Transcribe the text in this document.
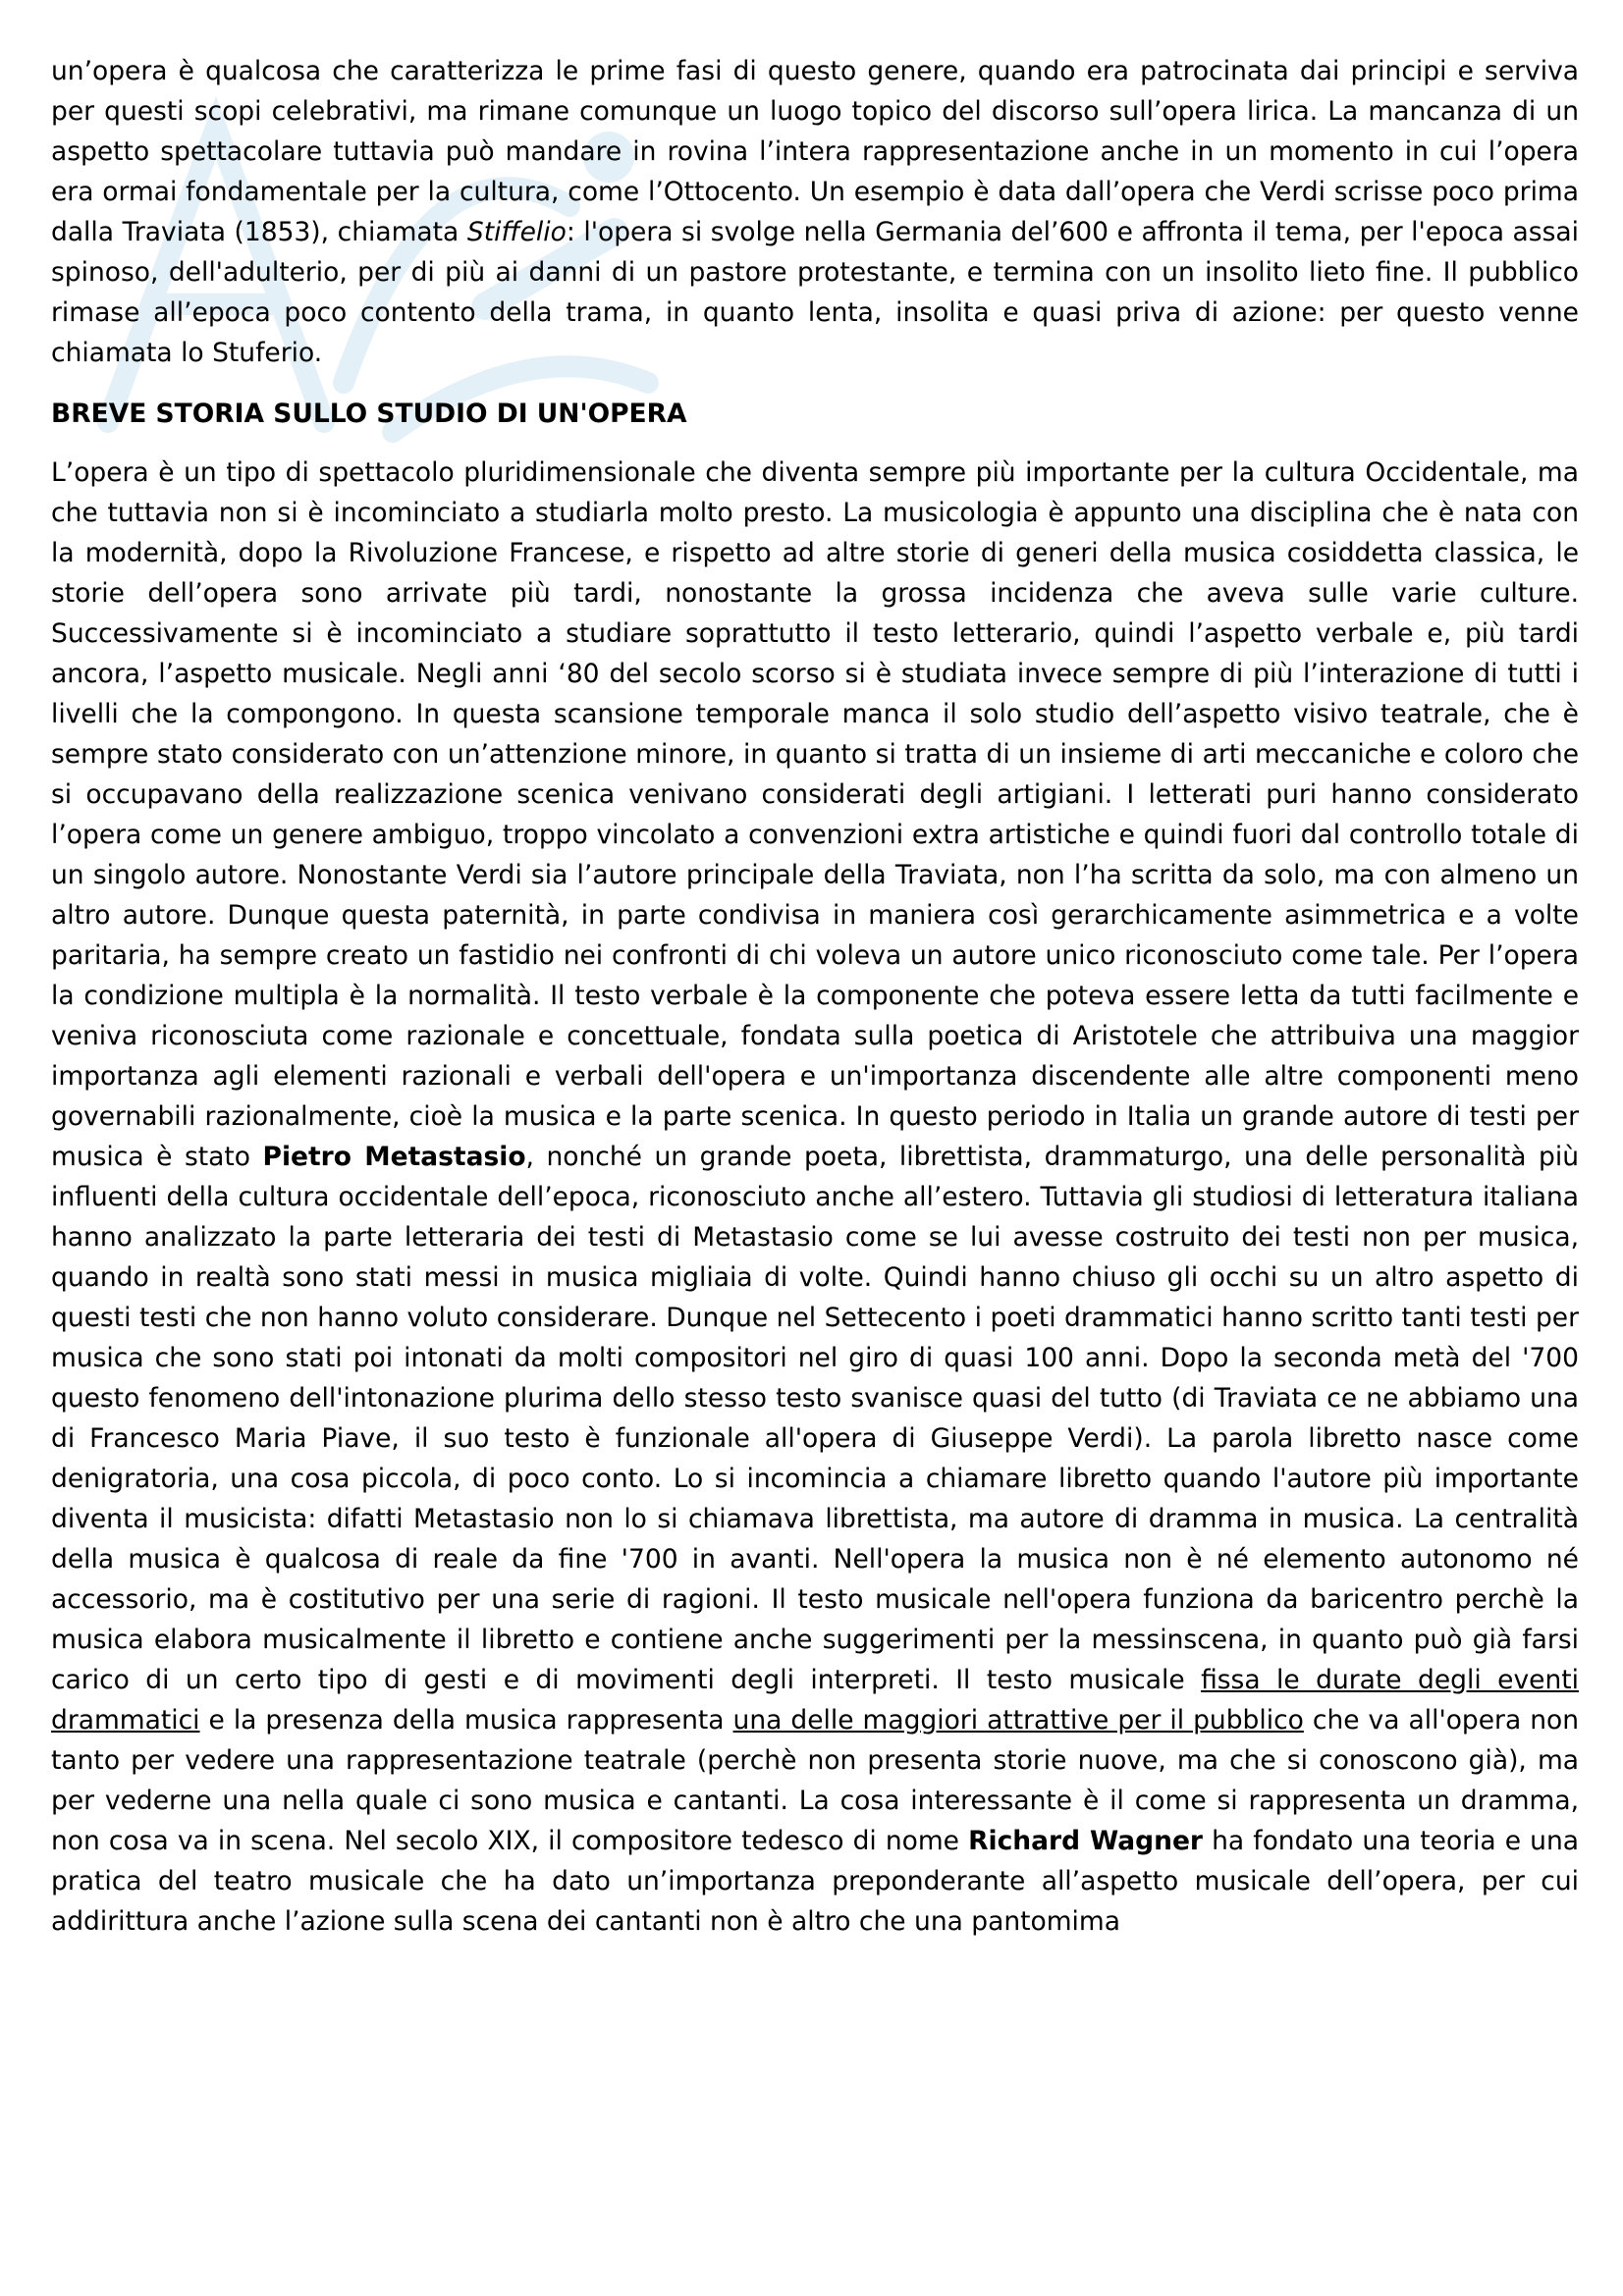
un’opera è qualcosa che caratterizza le prime fasi di questo genere, quando era patrocinata dai principi e serviva per questi scopi celebrativi, ma rimane comunque un luogo topico del discorso sull’opera lirica. La mancanza di un aspetto spettacolare tuttavia può mandare in rovina l’intera rappresentazione anche in un momento in cui l’opera era ormai fondamentale per la cultura, come l’Ottocento. Un esempio è data dall’opera che Verdi scrisse poco prima dalla Traviata (1853), chiamata Stiffelio: l'opera si svolge nella Germania del’600 e affronta il tema, per l'epoca assai spinoso, dell'adulterio, per di più ai danni di un pastore protestante, e termina con un insolito lieto fine. Il pubblico rimase all’epoca poco contento della trama, in quanto lenta, insolita e quasi priva di azione: per questo venne chiamata lo Stuferio.
BREVE STORIA SULLO STUDIO DI UN'OPERA
L’opera è un tipo di spettacolo pluridimensionale che diventa sempre più importante per la cultura Occidentale, ma che tuttavia non si è incominciato a studiarla molto presto. La musicologia è appunto una disciplina che è nata con la modernità, dopo la Rivoluzione Francese, e rispetto ad altre storie di generi della musica cosiddetta classica, le storie dell’opera sono arrivate più tardi, nonostante la grossa incidenza che aveva sulle varie culture. Successivamente si è incominciato a studiare soprattutto il testo letterario, quindi l’aspetto verbale e, più tardi ancora, l’aspetto musicale. Negli anni ‘80 del secolo scorso si è studiata invece sempre di più l’interazione di tutti i livelli che la compongono. In questa scansione temporale manca il solo studio dell’aspetto visivo teatrale, che è sempre stato considerato con un’attenzione minore, in quanto si tratta di un insieme di arti meccaniche e coloro che si occupavano della realizzazione scenica venivano considerati degli artigiani. I letterati puri hanno considerato l’opera come un genere ambiguo, troppo vincolato a convenzioni extra artistiche e quindi fuori dal controllo totale di un singolo autore. Nonostante Verdi sia l’autore principale della Traviata, non l’ha scritta da solo, ma con almeno un altro autore. Dunque questa paternità, in parte condivisa in maniera così gerarchicamente asimmetrica e a volte paritaria, ha sempre creato un fastidio nei confronti di chi voleva un autore unico riconosciuto come tale. Per l’opera la condizione multipla è la normalità. Il testo verbale è la componente che poteva essere letta da tutti facilmente e veniva riconosciuta come razionale e concettuale, fondata sulla poetica di Aristotele che attribuiva una maggior importanza agli elementi razionali e verbali dell'opera e un'importanza discendente alle altre componenti meno governabili razionalmente, cioè la musica e la parte scenica. In questo periodo in Italia un grande autore di testi per musica è stato Pietro Metastasio, nonché un grande poeta, librettista, drammaturgo, una delle personalità più influenti della cultura occidentale dell’epoca, riconosciuto anche all’estero. Tuttavia gli studiosi di letteratura italiana hanno analizzato la parte letteraria dei testi di Metastasio come se lui avesse costruito dei testi non per musica, quando in realtà sono stati messi in musica migliaia di volte. Quindi hanno chiuso gli occhi su un altro aspetto di questi testi che non hanno voluto considerare. Dunque nel Settecento i poeti drammatici hanno scritto tanti testi per musica che sono stati poi intonati da molti compositori nel giro di quasi 100 anni. Dopo la seconda metà del '700 questo fenomeno dell'intonazione plurima dello stesso testo svanisce quasi del tutto (di Traviata ce ne abbiamo una di Francesco Maria Piave, il suo testo è funzionale all'opera di Giuseppe Verdi). La parola libretto nasce come denigratoria, una cosa piccola, di poco conto. Lo si incomincia a chiamare libretto quando l'autore più importante diventa il musicista: difatti Metastasio non lo si chiamava librettista, ma autore di dramma in musica. La centralità della musica è qualcosa di reale da fine '700 in avanti. Nell'opera la musica non è né elemento autonomo né accessorio, ma è costitutivo per una serie di ragioni. Il testo musicale nell'opera funziona da baricentro perchè la musica elabora musicalmente il libretto e contiene anche suggerimenti per la messinscena, in quanto può già farsi carico di un certo tipo di gesti e di movimenti degli interpreti. Il testo musicale fissa le durate degli eventi drammatici e la presenza della musica rappresenta una delle maggiori attrattive per il pubblico che va all'opera non tanto per vedere una rappresentazione teatrale (perchè non presenta storie nuove, ma che si conoscono già), ma per vederne una nella quale ci sono musica e cantanti. La cosa interessante è il come si rappresenta un dramma, non cosa va in scena. Nel secolo XIX, il compositore tedesco di nome Richard Wagner ha fondato una teoria e una pratica del teatro musicale che ha dato un’importanza preponderante all’aspetto musicale dell’opera, per cui addirittura anche l’azione sulla scena dei cantanti non è altro che una pantomima
